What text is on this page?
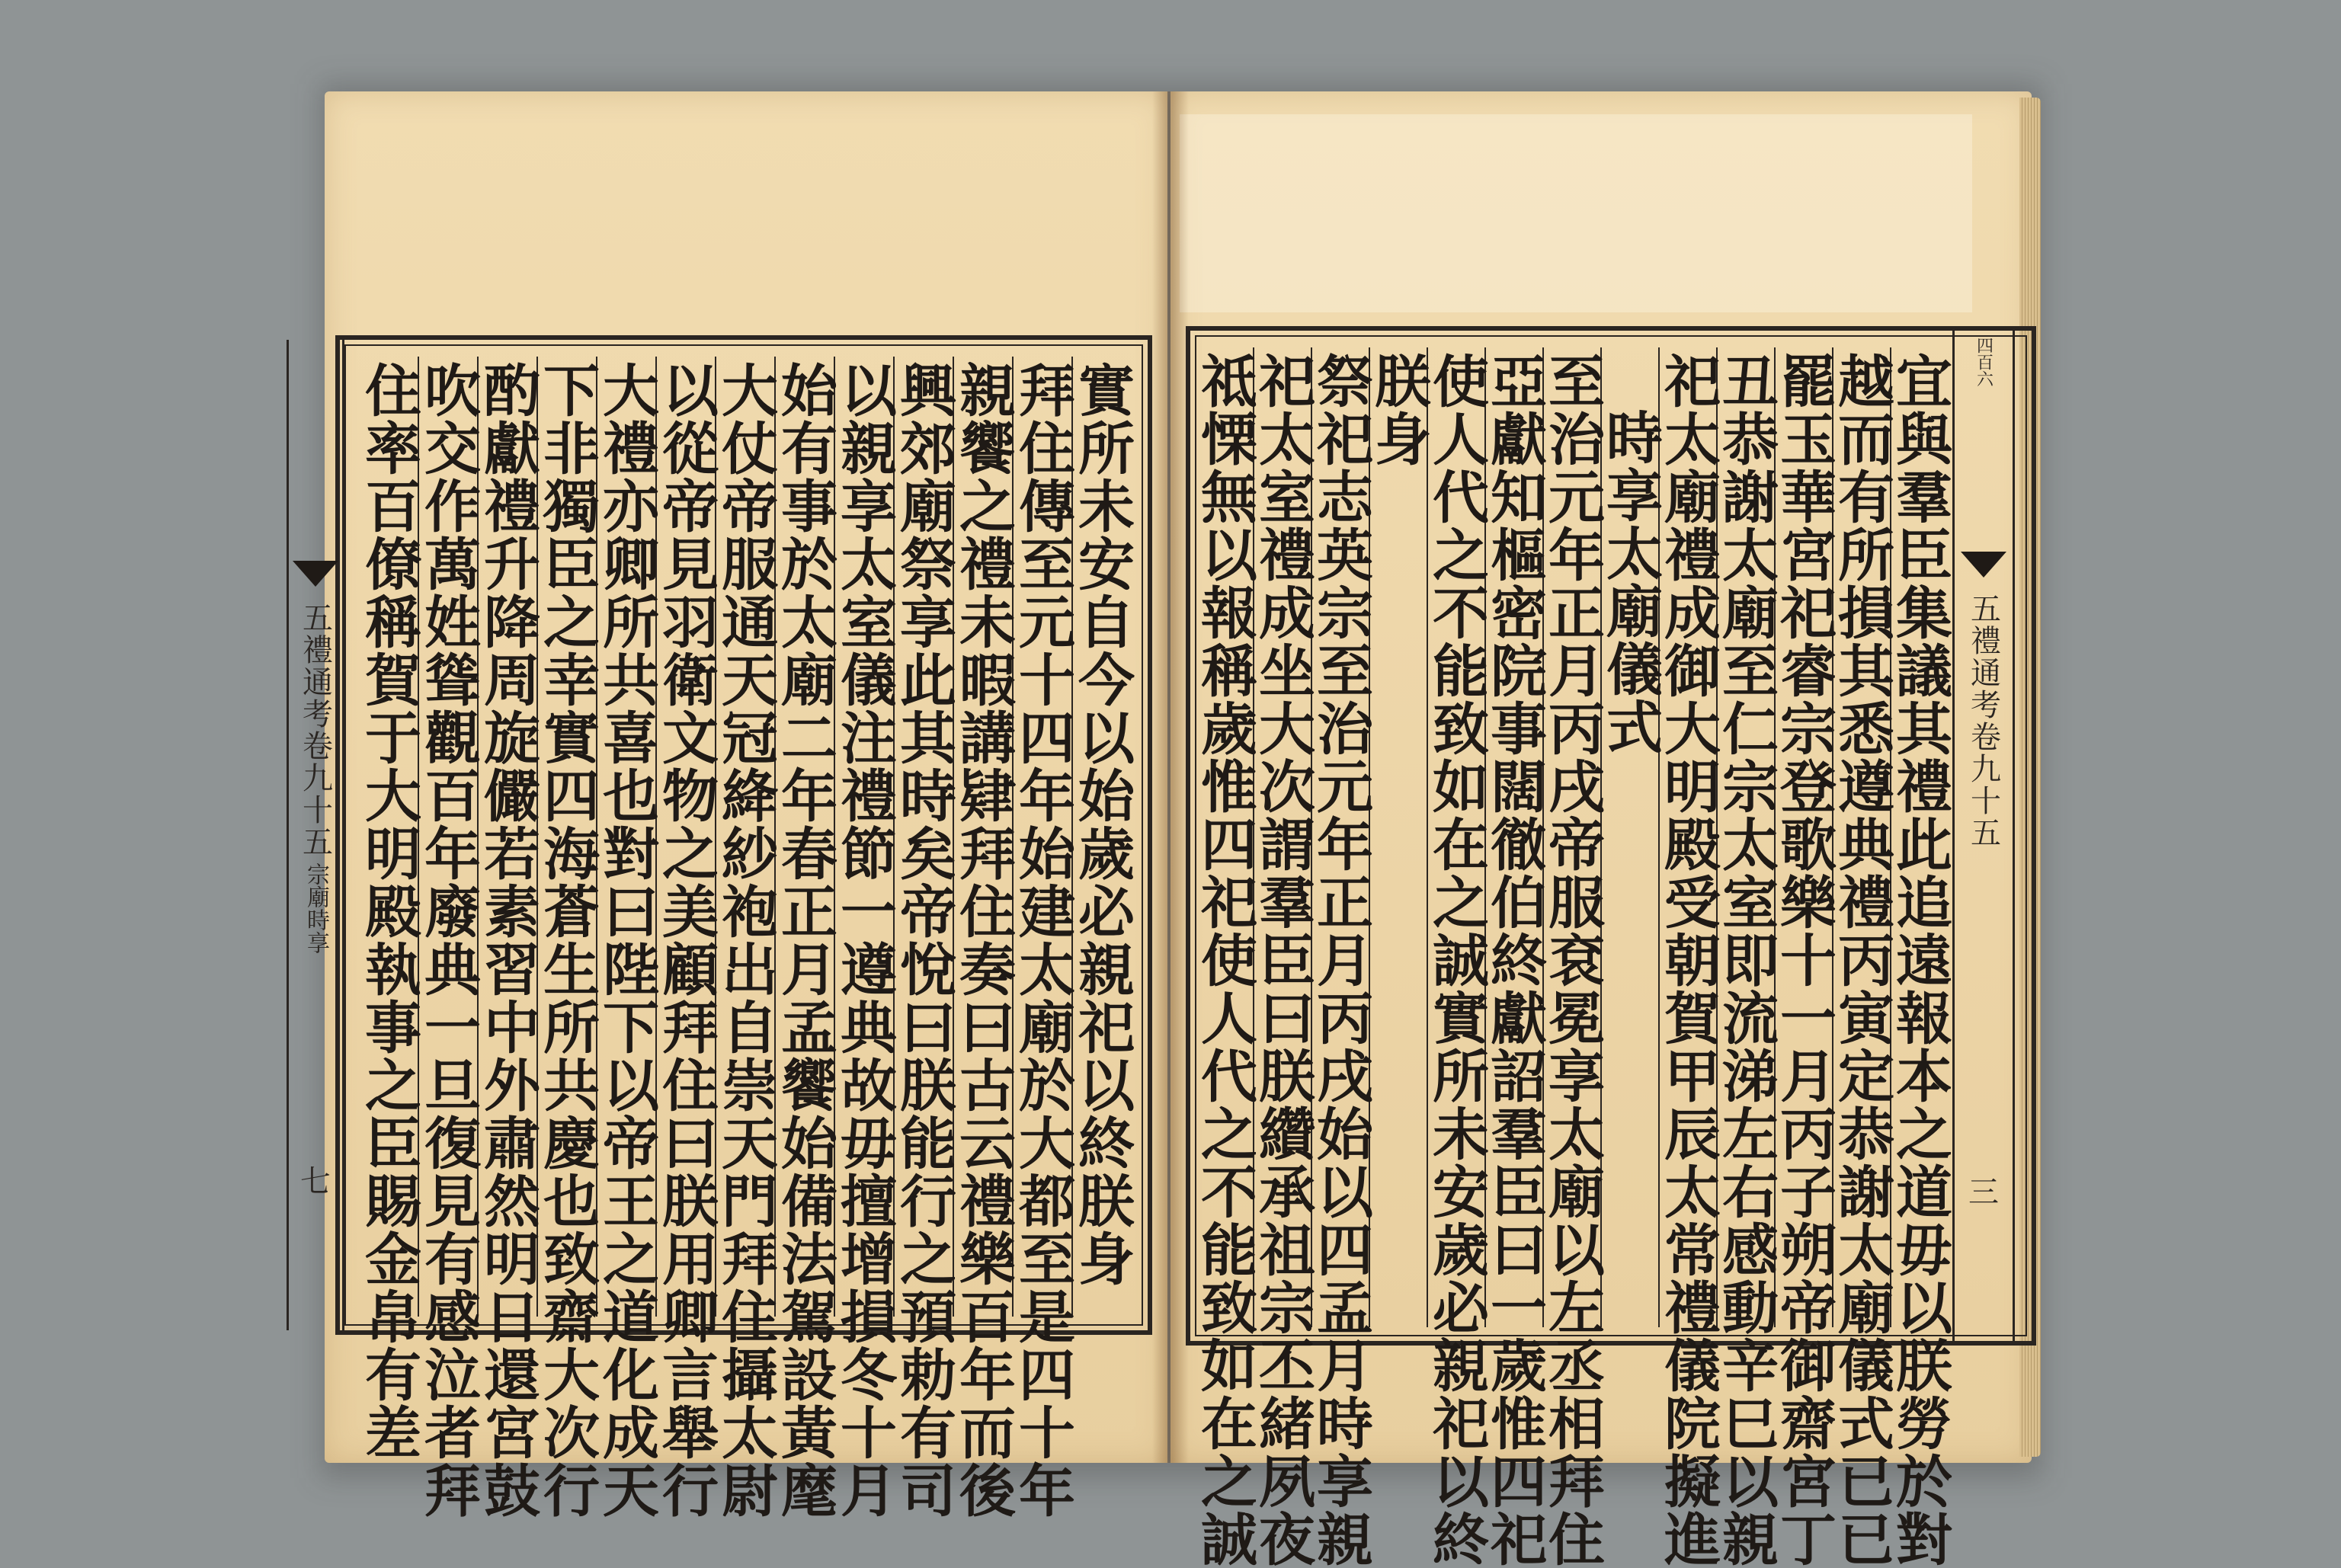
五禮通考卷九十五
宗廟時享
七	實所未安自今以始歲必親祀以終朕身
拜住傳至元十四年始建太廟於大都至是四十年
親饗之禮未暇講肄拜住奏曰古云禮樂百年而後
興郊廟祭享此其時矣帝悅曰朕能行之預勅有司
以親享太室儀注禮節一遵典故毋擅增損冬十月
始有事於太廟二年春正月孟饗始備法駕設黃麾
大仗帝服通天冠絳紗袍出自崇天門拜住攝太尉
以從帝見羽衛文物之美顧拜住曰朕用卿言舉行
大禮亦卿所共喜也對曰陛下以帝王之道化成天
下非獨臣之幸實四海蒼生所共慶也致齋大次行
酌獻禮升降周旋儼若素習中外肅然明日還宮鼓
吹交作萬姓聳觀百年廢典一旦復見有感泣者拜
住率百僚稱賀于大明殿執事之臣賜金帛有差	四百六
五禮通考卷九十五
三
宜與羣臣集議其禮此追遠報本之道毋以朕勞於對
越而有所損其悉遵典禮丙寅定恭謝太廟儀式已已
罷玉華宮祀睿宗登歌樂十一月丙子朔帝御齋宮丁
丑恭謝太廟至仁宗太室即流涕左右感動辛巳以親
祀太廟禮成御大明殿受朝賀甲辰太常禮儀院擬進
時享太廟儀式
至治元年正月丙戌帝服袞冕享太廟以左丞相拜住
亞獻知樞密院事闊徹伯終獻詔羣臣曰一歲惟四祀
使人代之不能致如在之誠實所未安歲必親祀以終
朕身
祭祀志英宗至治元年正月丙戌始以四孟月時享親
祀太室禮成坐大次謂羣臣曰朕纘承祖宗丕緒夙夜
祗慄無以報稱歲惟四祀使人代之不能致如在之誠
